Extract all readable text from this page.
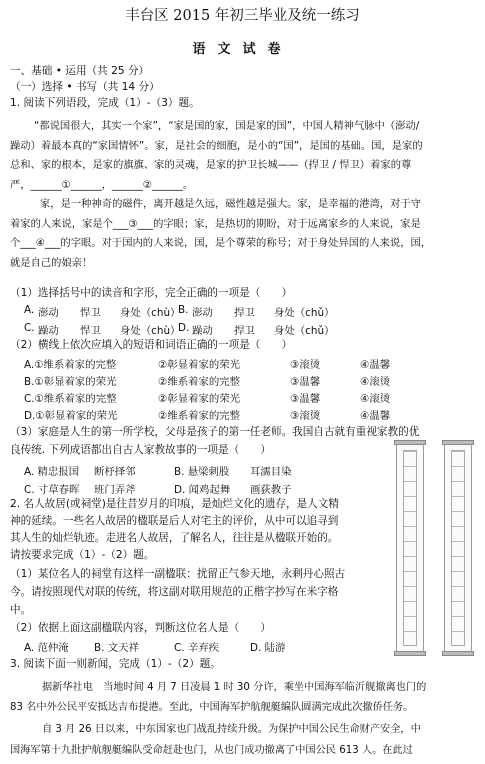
丰台区 2015 年初三毕业及统一练习
语文试卷
一、基础 • 运用（共 25 分）
（一）选择 • 书写（共 14 分）
1. 阅读下列语段，完成（1）-（3）题。

“都说国很大，其实一个家”，“家是国的家，国是家的国”，中国人精神气脉中（澎动/

躁动）着最本真的“家国情怀”。家，是社会的细胞，是小的“国”，是国的基础。国，是家的

总和、家的根本，是家的旗旗、家的灵魂，是家的护卫长城——（捍卫 / 悍卫）着家的尊

严，______①______，______②______。

家，是一种神奇的磁件，离开越是久远，磁性越是强大。家，是幸福的港湾，对于守

着家的人来说，家是个___③___的字眼；家，是热切的期盼，对于远离家乡的人来说，家是

个___④___的字眼。对于国内的人来说，国，是个尊荣的称号；对于身处异国的人来说，国，

就是自己的娘亲！

（1）选择括号中的读音和字形，完全正确的一项是（　　）
A. 澎动 悍卫 身处（chù）
B. 澎动 捍卫 身处（chǔ）
C. 躁动 悍卫 身处（chù）
D. 躁动 捍卫 身处（chǔ）
（2）横线上依次应填入的短语和词语正确的一项是（　　）
A.①维系着家的完整	②彰显着家的荣光	③滚烫	④温馨
B.①彰显着家的荣光	②维系着家的完整	③温馨	④滚烫
C.①维系着家的完整	②彰显着家的荣光	③温馨	④滚烫
D.①彰显着家的荣光	②维系着家的完整	③滚烫	④温馨
（3）家庭是人生的第一所学校，父母是孩子的第一任老师。我国自古就有重视家教的优
良传统. 下列成语都出自古人家教故事的一项是（　　）
A. 精忠报国 断杼择邻	B. 悬梁刺股 耳濡目染
C. 寸草春晖 班门弄斧	D. 闻鸡起舞 画荻教子
2. 名人故居(或祠堂)是往昔岁月的印痕，是灿烂文化的遗存，是人文精
神的延续。一些名人故居的楹联是后人对宅主的评价，从中可以追寻到
其人生的灿烂轨迹。走进名人故居，了解名人，往往是从楹联开始的。
请按要求完成（1）-（2）题。
（1）某位名人的祠堂有这样一副楹联：扰留正气参天地，永剩丹心照古
今。请按照现代对联的传统，将这副对联用规范的正楷字抄写在米字格
中。
（2）依据上面这副楹联内容，判断这位名人是（　　）
A. 范仲淹 B. 文天祥	C. 辛弃疾	D. 陆游
3. 阅读下面一则新闻，完成（1）-（2）题。
据新华社电　当地时间 4 月 7 日凌晨 1 时 30 分许，乘坐中国海军临沂舰撤离也门的
83 名中外公民平安抵达吉布提港。至此，中国海军护航舰艇编队圆满完成此次撤侨任务。
自 3 月 26 日以来，中东国家也门战乱持续升级。为保护中国公民生命财产安全，中
国海军第十九批护航舰艇编队受命赶赴也门，从也门成功撤离了中国公民 613 人。在此过
